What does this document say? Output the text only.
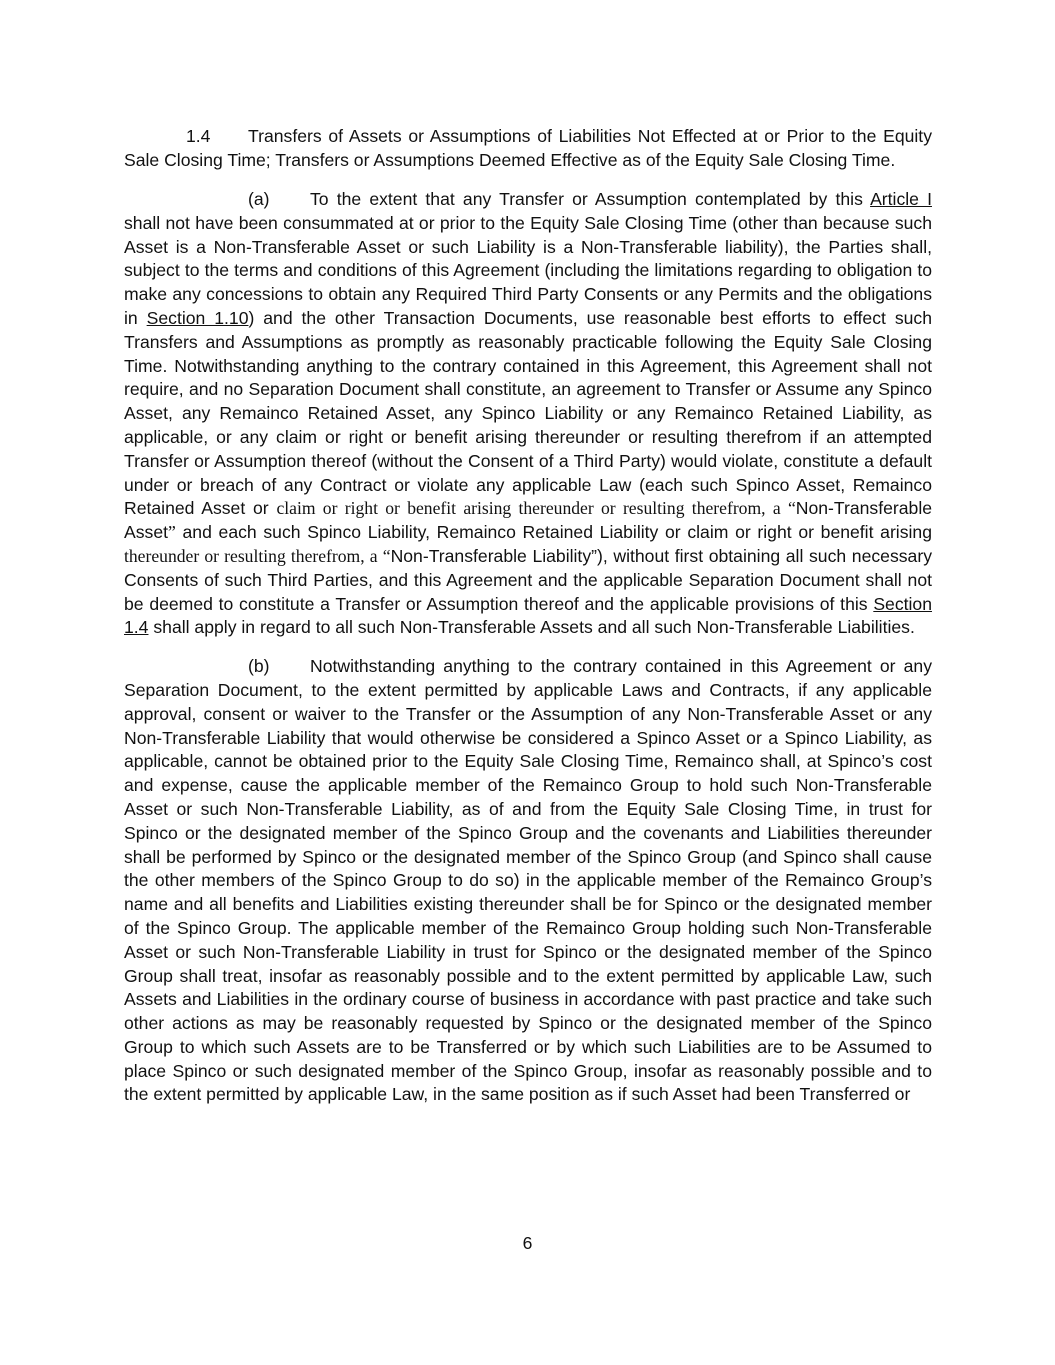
1.4 Transfers of Assets or Assumptions of Liabilities Not Effected at or Prior to the Equity Sale Closing Time; Transfers or Assumptions Deemed Effective as of the Equity Sale Closing Time.

(a) To the extent that any Transfer or Assumption contemplated by this Article I shall not have been consummated at or prior to the Equity Sale Closing Time (other than because such Asset is a Non-Transferable Asset or such Liability is a Non-Transferable liability), the Parties shall, subject to the terms and conditions of this Agreement (including the limitations regarding to obligation to make any concessions to obtain any Required Third Party Consents or any Permits and the obligations in Section 1.10) and the other Transaction Documents, use reasonable best efforts to effect such Transfers and Assumptions as promptly as reasonably practicable following the Equity Sale Closing Time. Notwithstanding anything to the contrary contained in this Agreement, this Agreement shall not require, and no Separation Document shall constitute, an agreement to Transfer or Assume any Spinco Asset, any Remainco Retained Asset, any Spinco Liability or any Remainco Retained Liability, as applicable, or any claim or right or benefit arising thereunder or resulting therefrom if an attempted Transfer or Assumption thereof (without the Consent of a Third Party) would violate, constitute a default under or breach of any Contract or violate any applicable Law (each such Spinco Asset, Remainco Retained Asset or claim or right or benefit arising thereunder or resulting therefrom, a “Non-Transferable Asset” and each such Spinco Liability, Remainco Retained Liability or claim or right or benefit arising thereunder or resulting therefrom, a “Non-Transferable Liability”), without first obtaining all such necessary Consents of such Third Parties, and this Agreement and the applicable Separation Document shall not be deemed to constitute a Transfer or Assumption thereof and the applicable provisions of this Section 1.4 shall apply in regard to all such Non-Transferable Assets and all such Non-Transferable Liabilities.

(b) Notwithstanding anything to the contrary contained in this Agreement or any Separation Document, to the extent permitted by applicable Laws and Contracts, if any applicable approval, consent or waiver to the Transfer or the Assumption of any Non-Transferable Asset or any Non-Transferable Liability that would otherwise be considered a Spinco Asset or a Spinco Liability, as applicable, cannot be obtained prior to the Equity Sale Closing Time, Remainco shall, at Spinco’s cost and expense, cause the applicable member of the Remainco Group to hold such Non-Transferable Asset or such Non-Transferable Liability, as of and from the Equity Sale Closing Time, in trust for Spinco or the designated member of the Spinco Group and the covenants and Liabilities thereunder shall be performed by Spinco or the designated member of the Spinco Group (and Spinco shall cause the other members of the Spinco Group to do so) in the applicable member of the Remainco Group’s name and all benefits and Liabilities existing thereunder shall be for Spinco or the designated member of the Spinco Group. The applicable member of the Remainco Group holding such Non-Transferable Asset or such Non-Transferable Liability in trust for Spinco or the designated member of the Spinco Group shall treat, insofar as reasonably possible and to the extent permitted by applicable Law, such Assets and Liabilities in the ordinary course of business in accordance with past practice and take such other actions as may be reasonably requested by Spinco or the designated member of the Spinco Group to which such Assets are to be Transferred or by which such Liabilities are to be Assumed to place Spinco or such designated member of the Spinco Group, insofar as reasonably possible and to the extent permitted by applicable Law, in the same position as if such Asset had been Transferred or

6
